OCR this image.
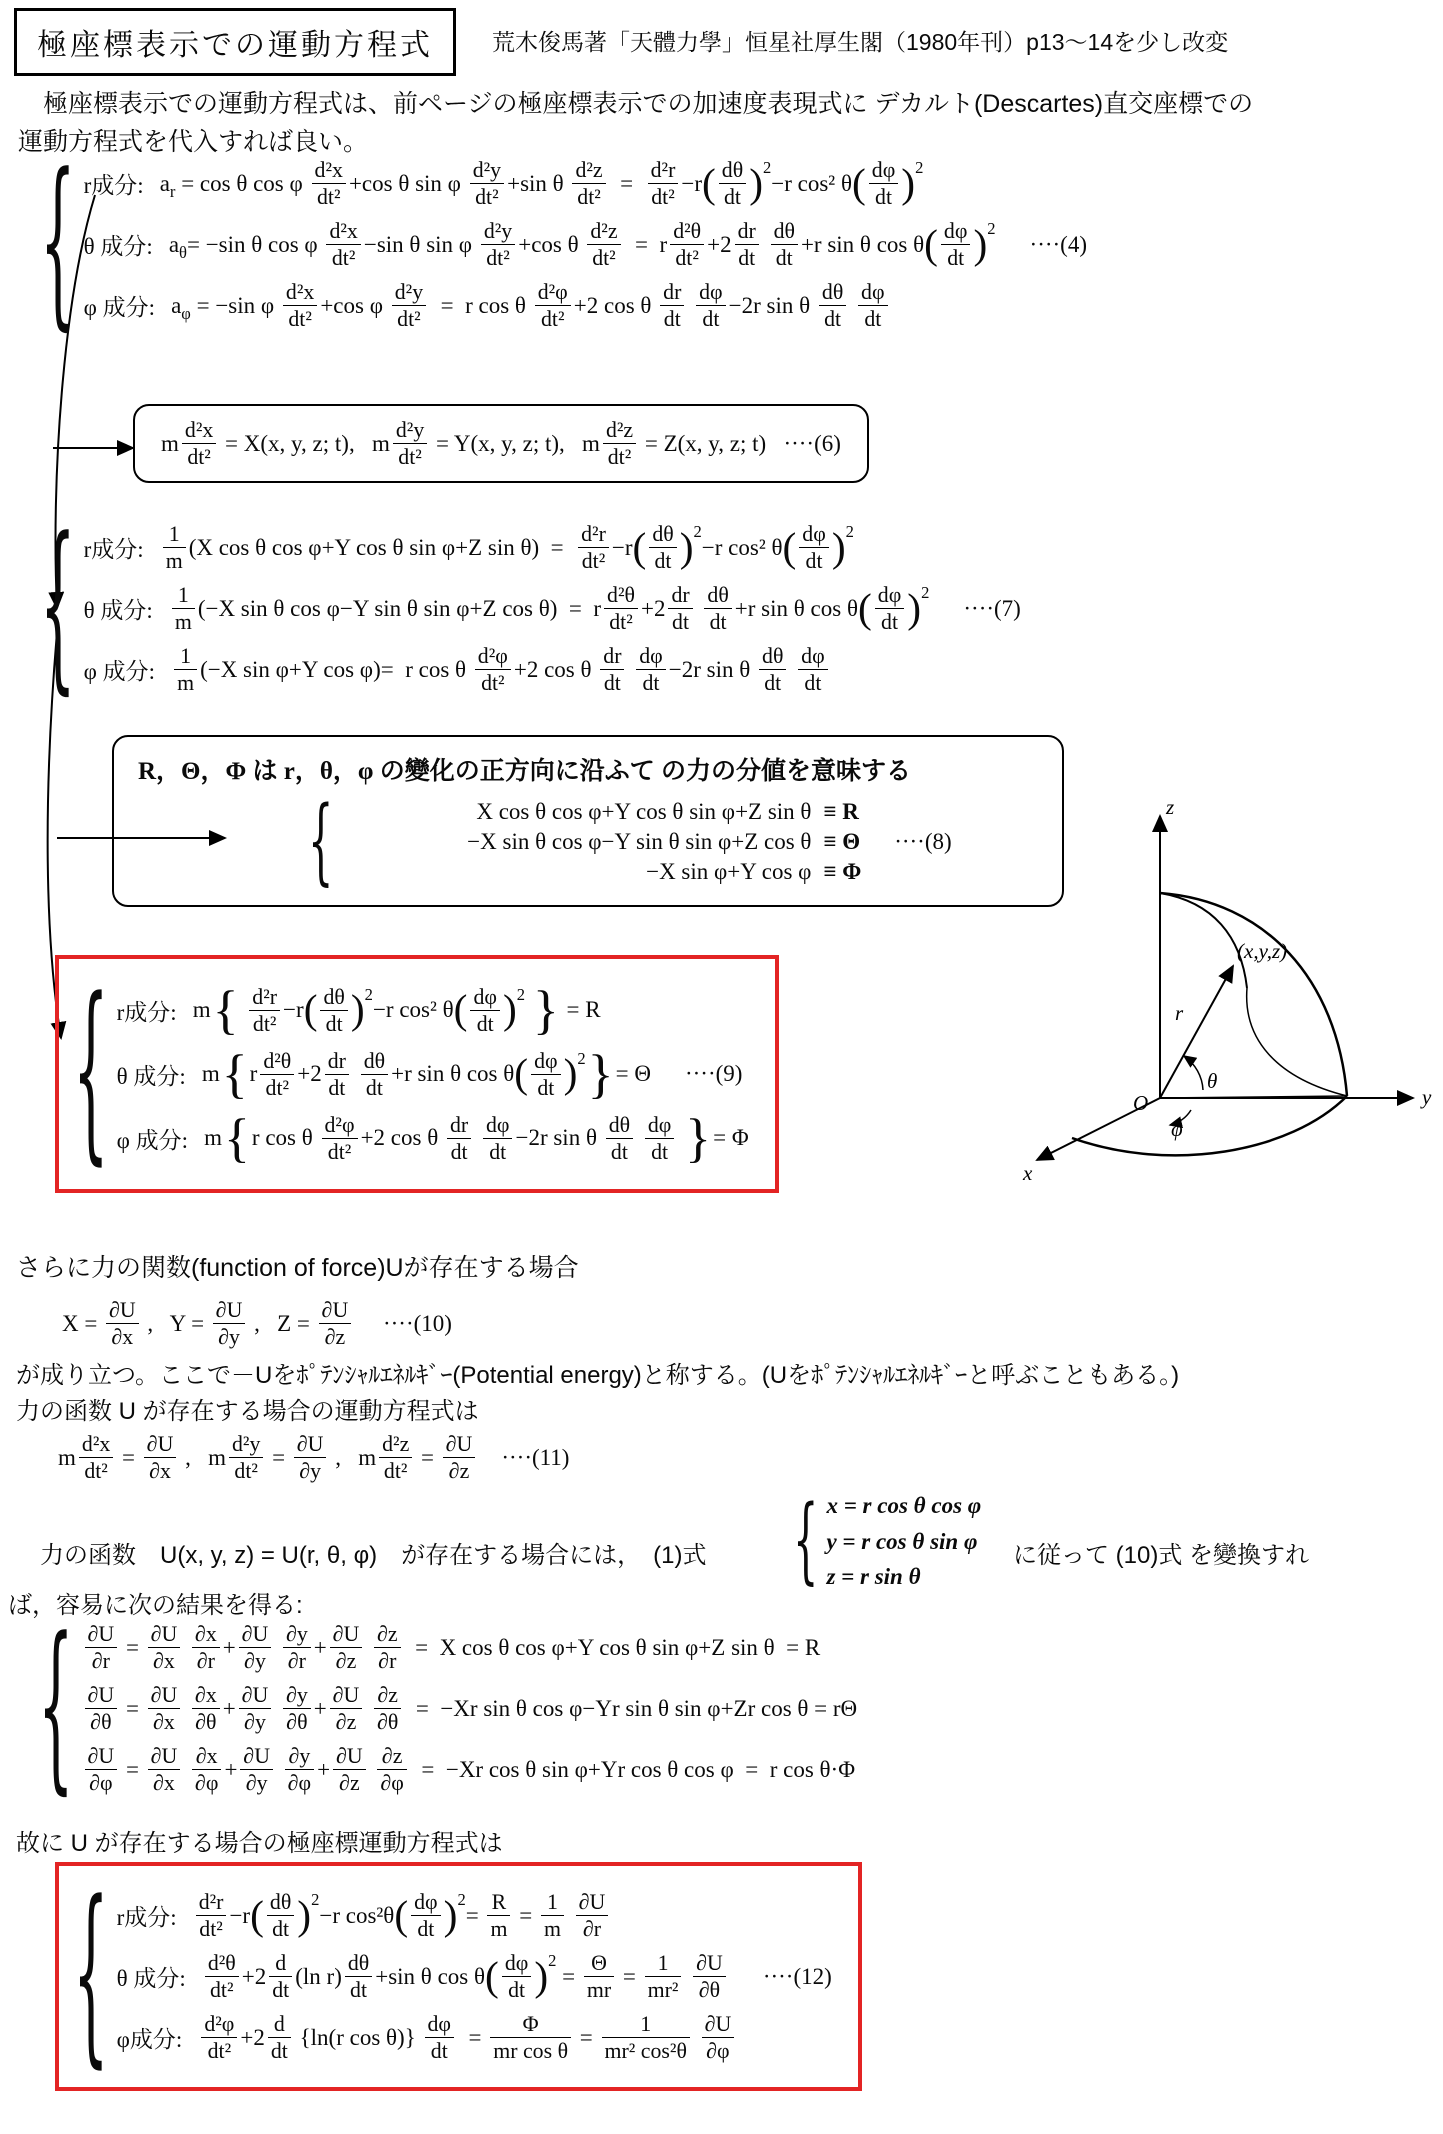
極座標表示での運動方程式	荒木俊馬著「天體力學」恒星社厚生閣（1980年刊）p13～14を少し改変
　極座標表示での運動方程式は、前ページの極座標表示での加速度表現式に デカルト(Descartes)直交座標での
運動方程式を代入すれば良い。
{ r成分: $a_r = \cos \theta$ cos φ $\frac{\text{d²x}}{\text{dt²}} +\cos$ θ sin φ $\frac{\text{d²y}}{\text{dt²}} +\sin$ θ $\frac{\text{d²z}}{\text{dt²}} = \frac{\text{d²r}}{\text{dt²}} -r$ ( $\frac{d\theta}{dt} )^2$
−r cos² θ ( $\frac{d\varphi}{dt} )^2$
θ 成分: $a_\theta = -\sin$ θ cos φ $\frac{\text{d²x}}{\text{dt²}} -\sin$ θ sin φ $\frac{\text{d²y}}{\text{dt²}} +\cos$ θ $\frac{\text{d²z}}{\text{dt²}} = r \frac{\text{d²θ}}{\text{dt²}} +2 \frac{dr}{dt}$
$\frac{d\theta}{dt} +r$ sin θ cos θ ( $\frac{d\varphi}{dt} )^2$
····(4)
φ 成分: $a_\varphi = -\sin$ φ $\frac{\text{d²x}}{\text{dt²}} +\cos$ φ $\frac{\text{d²y}}{\text{dt²}} = r$ cos θ $\frac{\text{d²φ}}{\text{dt²}} +2$ cos θ $\frac{dr}{dt}$
$\frac{d\varphi}{dt} -2r$ sin θ $\frac{d\theta}{dt}$
$\frac{d\varphi}{dt}$
m $\frac{\text{d²x}}{\text{dt²}} = X(x$, y, z; t),   m $\frac{\text{d²y}}{\text{dt²}} = Y(x$, y, z; t),   m $\frac{\text{d²z}}{\text{dt²}} = Z(x$, y, z; t)   ····(6)
{ r成分: $\frac{1}{m} (X$ cos θ cos φ+Y cos θ sin φ+Z $\sin \theta) = \frac{\text{d²r}}{\text{dt²}} -r$ ( $\frac{d\theta}{dt} )^2$
−r cos² θ ( $\frac{d\varphi}{dt} )^2$
θ 成分: $\frac{1}{m} (-X$ sin θ cos φ−Y sin θ sin φ+Z cos θ)  =  r $\frac{\text{d²θ}}{\text{dt²}} +2 \frac{dr}{dt}$
$\frac{d\theta}{dt} +r$ sin θ cos θ ( $\frac{d\varphi}{dt} )^2$
····(7)
φ 成分: $\frac{1}{m} (-X$ sin φ+Y cos φ)=  r cos θ $\frac{\text{d²φ}}{\text{dt²}} +2$ cos θ $\frac{dr}{dt}$
$\frac{d\varphi}{dt} -2r$ sin θ $\frac{d\theta}{dt}$
$\frac{d\varphi}{dt}$
R，Θ，Φ は r，θ，φ の變化の正方向に沿ふて の力の分値を意味する
{	X cos θ cos φ+Y cos θ sin φ+Z sin θ ≡ R
−X sin θ cos φ−Y sin θ sin φ+Z cos θ ≡ Θ ····(8)
−X sin φ+Y cos φ ≡ Φ
{ r成分: m {
$\frac{\text{d²r}}{\text{dt²}} -r$ ( $\frac{d\theta}{dt} )^2$
−r cos² θ ( $\frac{d\varphi}{dt} )^2$
} = R
θ 成分: m { r $\frac{\text{d²θ}}{\text{dt²}} +2 \frac{dr}{dt}$
$\frac{d\theta}{dt} +r$ sin θ cos θ ( $\frac{d\varphi}{dt} )^2$ } = Θ ····(9)
φ 成分: m { r cos θ $\frac{\text{d²φ}}{\text{dt²}} +2$ cos θ $\frac{dr}{dt}$
$\frac{d\varphi}{dt} -2r$ sin θ $\frac{d\theta}{dt}$
$\frac{d\varphi}{dt}$
} = Φ
z
y
x
O
(x,y,z)
r
θ
φ
さらに力の関数(function of force)Uが存在する場合
$X = \frac{\partial U}{\partial x}$ ,   $Y = \frac{\partial U}{\partial y}$ ,   $Z = \frac{\partial U}{\partial z} \cdot\cdot\cdot\cdot(10)$
が成り立つ。ここで－Uをﾎﾟﾃﾝｼｬﾙｴﾈﾙｷﾞｰ(Potential energy)と称する。(Uをﾎﾟﾃﾝｼｬﾙｴﾈﾙｷﾞｰと呼ぶこともある。)
力の函数 U が存在する場合の運動方程式は
m $\frac{\text{d²x}}{\text{dt²}} = \frac{\partial U}{\partial x}$ ,   m $\frac{\text{d²y}}{\text{dt²}} = \frac{\partial U}{\partial y}$ ,   m $\frac{\text{d²z}}{\text{dt²}} = \frac{\partial U}{\partial z} \cdot\cdot\cdot\cdot(11)$
　力の函数　U(x, y, z) = U(r, θ, φ)　が存在する場合には，　(1)式 { x = r cos θ cos φ
y = r cos θ sin φ
z = r sin θ
に従って (10)式 を變換すれ
ば，容易に次の結果を得る:
{ $\frac{\partial U}{\partial r} = \frac{\partial U}{\partial x}$
$\frac{\partial x}{\partial r} + \frac{\partial U}{\partial y}$
$\frac{\partial y}{\partial r} + \frac{\partial U}{\partial z}$
$\frac{\partial z}{\partial r} = X$ cos θ cos φ+Y cos θ sin φ+Z sin θ  = R
$\frac{\partial U}{\partial\theta} = \frac{\partial U}{\partial x}$
$\frac{\partial x}{\partial\theta} + \frac{\partial U}{\partial y}$
$\frac{\partial y}{\partial\theta} + \frac{\partial U}{\partial z}$
$\frac{\partial z}{\partial\theta} = -Xr$ sin θ cos φ−Yr sin θ sin φ+Zr cos θ = rΘ
$\frac{\partial U}{\partial\varphi} = \frac{\partial U}{\partial x}$
$\frac{\partial x}{\partial\varphi} + \frac{\partial U}{\partial y}$
$\frac{\partial y}{\partial\varphi} + \frac{\partial U}{\partial z}$
$\frac{\partial z}{\partial\varphi} = -Xr$ cos θ sin φ+Yr cos θ cos φ  =  r cos θ·Φ
故に U が存在する場合の極座標運動方程式は
{ r成分: $\frac{\text{d²r}}{\text{dt²}} -r$ ( $\frac{d\theta}{dt} )^2$
−r cos²θ ( $\frac{d\varphi}{dt} )^2$
= $\frac{R}{m} = \frac{1}{m}$
$\frac{\partial U}{\partial r}$
θ 成分: $\frac{\text{d²θ}}{\text{dt²}} +2 \frac{d}{dt} (\ln$ $r) \frac{d\theta}{dt} +\sin$ θ cos θ ( $\frac{d\varphi}{dt} )^2$
= $\frac{\Theta}{mr} = \frac{1}{\text{mr²}}$
$\frac{\partial U}{\partial\theta} \cdot\cdot\cdot\cdot(12)$
φ成分: $\frac{\text{d²φ}}{\text{dt²}} +2 \frac{d}{dt} \{\ln(r$ $\cos \theta)\} \frac{d\varphi}{dt} = \frac{\Phi}{\text{mr cos θ}} = \frac{1}{\text{mr² cos²θ}}$
$\frac{\partial U}{\partial\varphi}$
